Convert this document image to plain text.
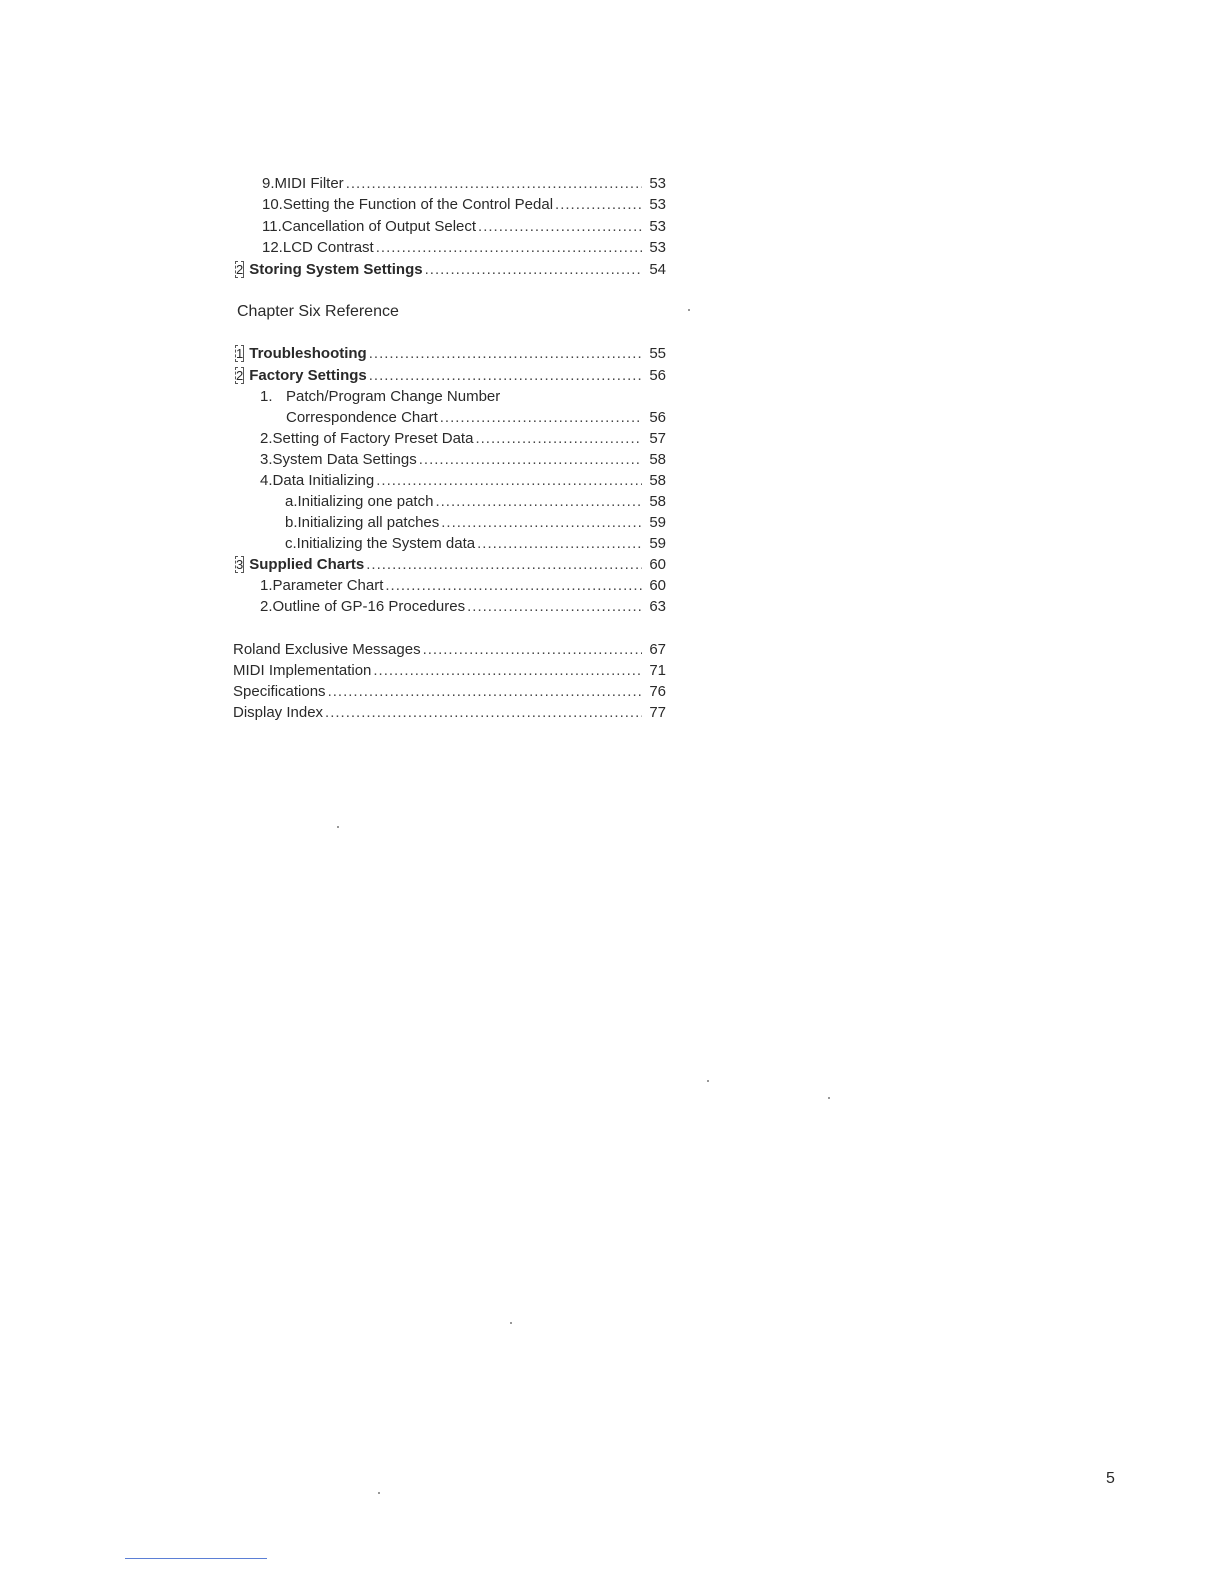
9. MIDI Filter .....	53
10. Setting the Function of the Control Pedal .....	53
11. Cancellation of Output Select .....	53
12. LCD Contrast .....	53
2 Storing System Settings .....	54
Chapter Six Reference
1 Troubleshooting .....	55
2 Factory Settings .....	56
1. Patch/Program Change Number
Correspondence Chart .....	56
2. Setting of Factory Preset Data .....	57
3. System Data Settings .....	58
4. Data Initializing .....	58
a. Initializing one patch .....	58
b. Initializing all patches .....	59
c. Initializing the System data .....	59
3 Supplied Charts .....	60
1. Parameter Chart .....	60
2. Outline of GP-16 Procedures .....	63
Roland Exclusive Messages .....	67
MIDI Implementation .....	71
Specifications .....	76
Display Index .....	77
5
